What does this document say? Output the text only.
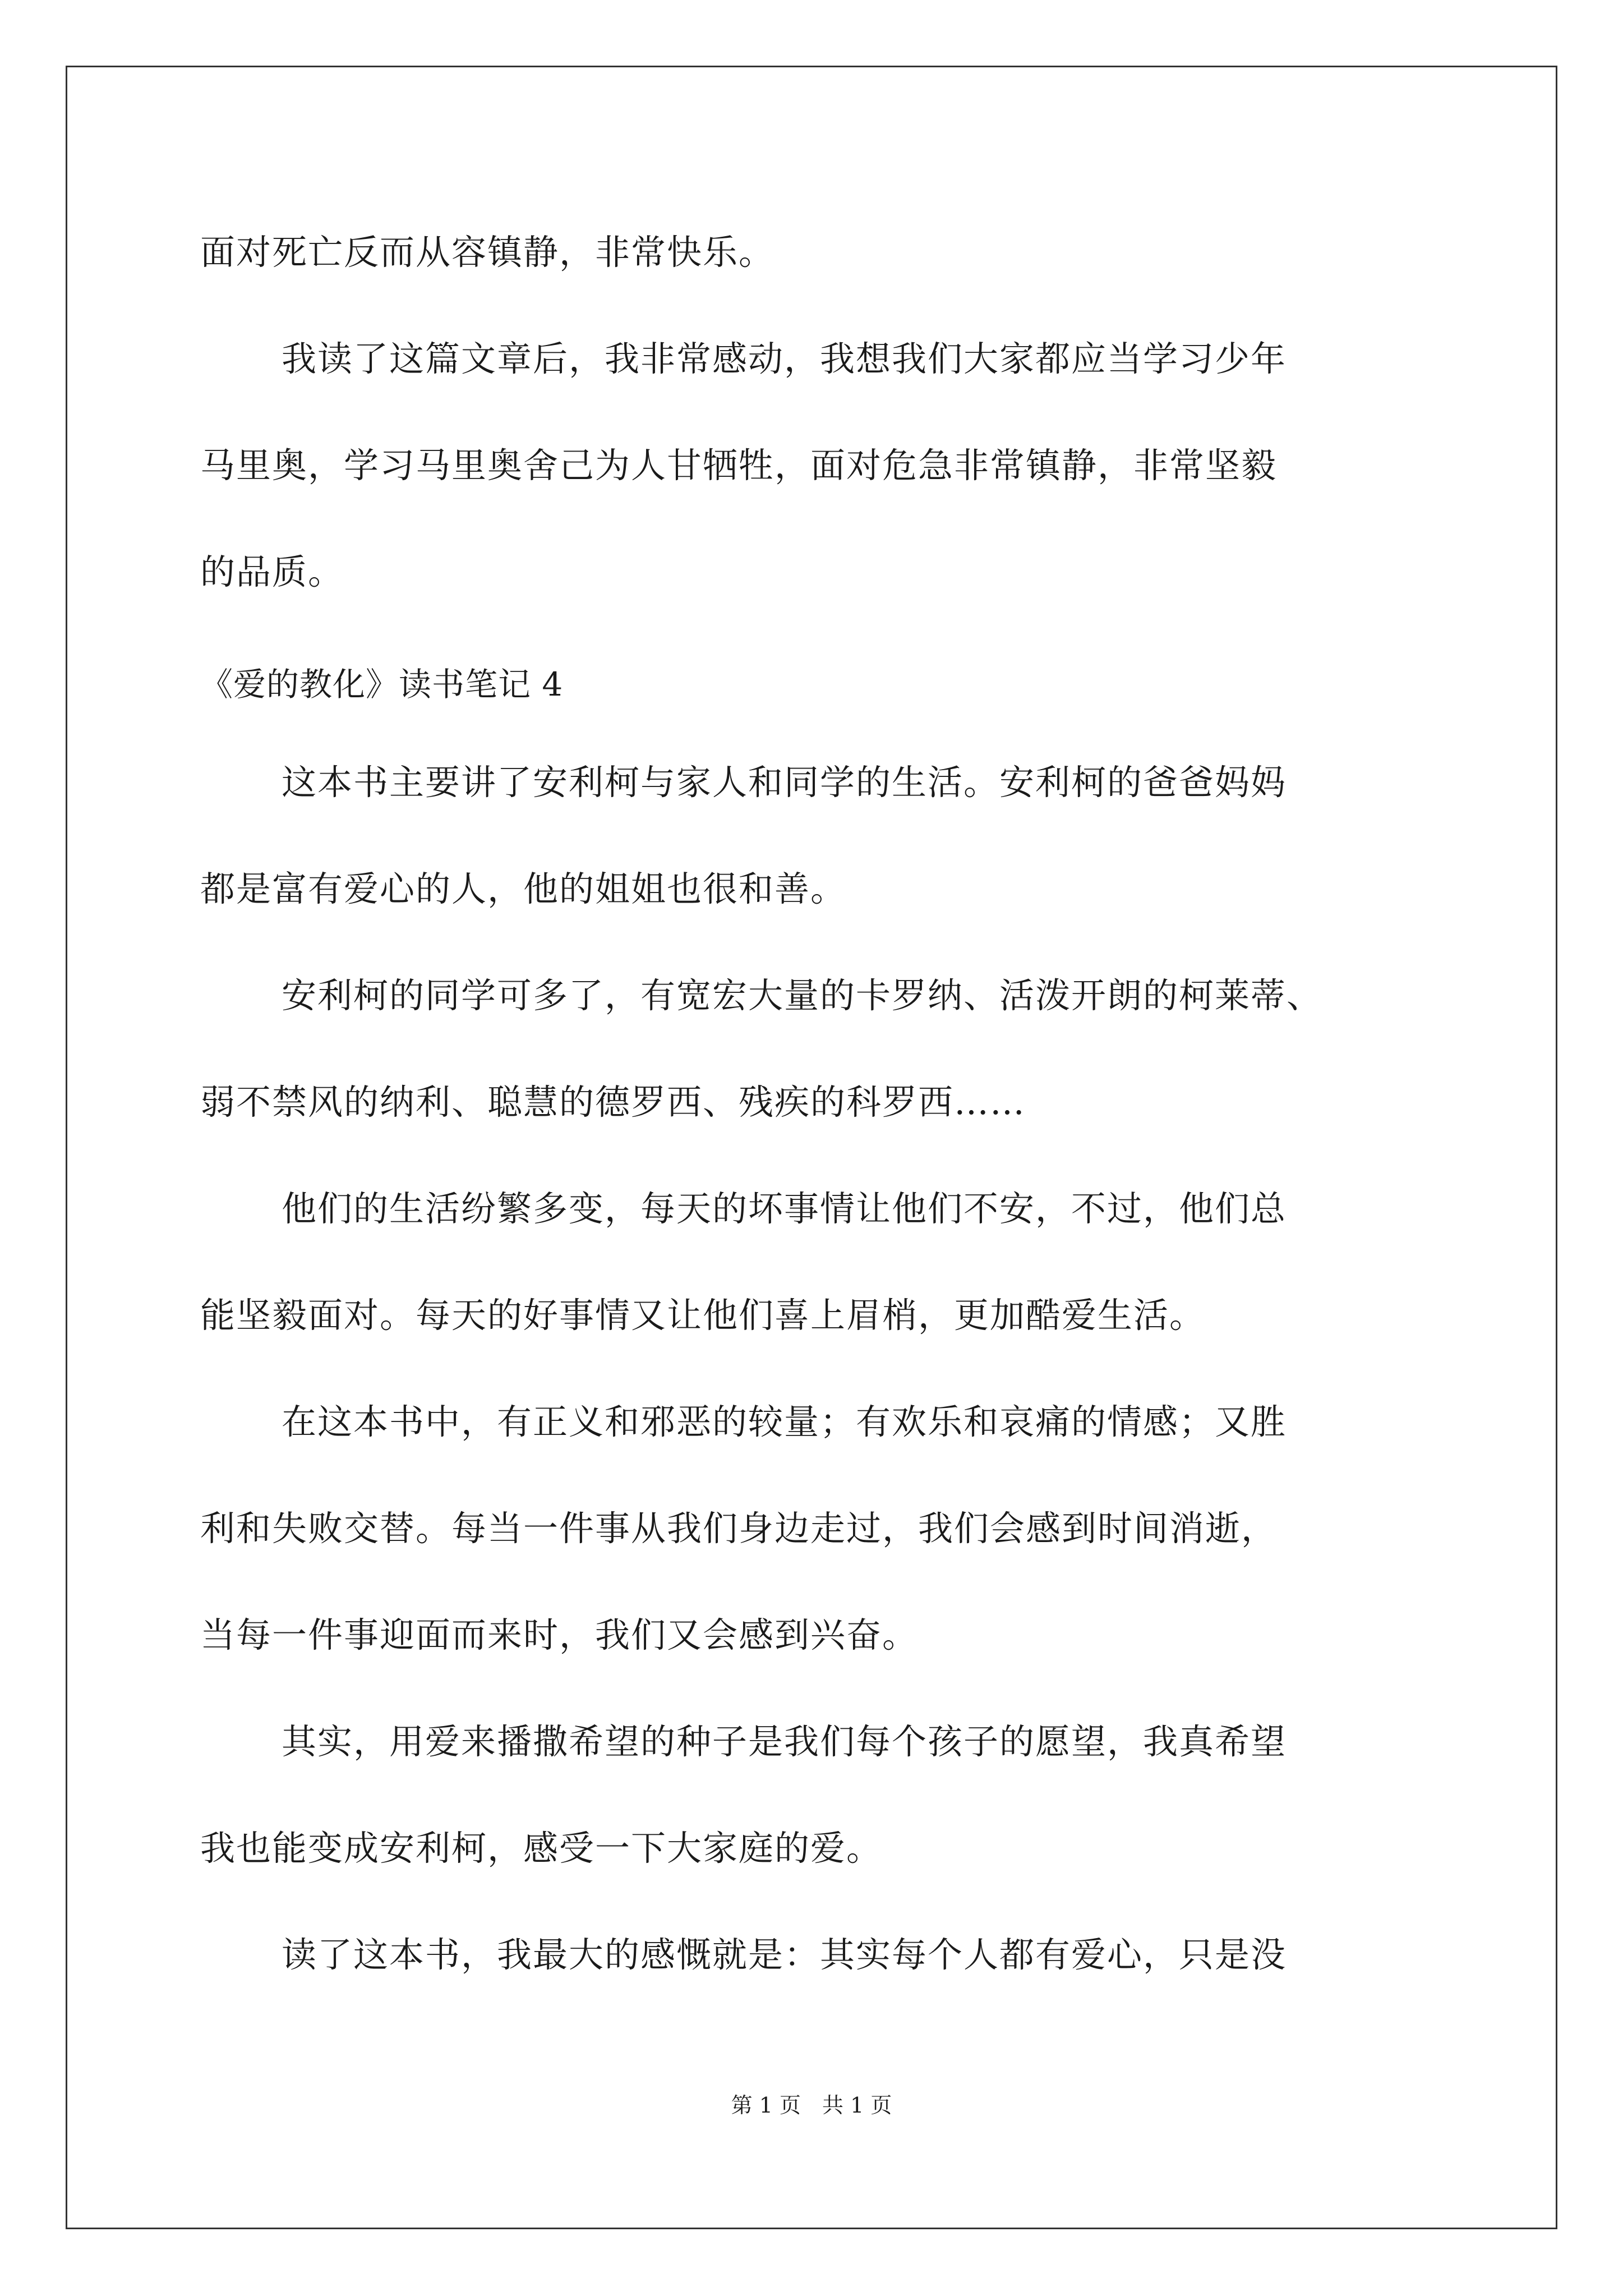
面对死亡反而从容镇静，非常快乐。
我读了这篇文章后，我非常感动，我想我们大家都应当学习少年
马里奥，学习马里奥舍己为人甘牺牲，面对危急非常镇静，非常坚毅
的品质。
《爱的教化》读书笔记 4
这本书主要讲了安利柯与家人和同学的生活。安利柯的爸爸妈妈
都是富有爱心的人，他的姐姐也很和善。
安利柯的同学可多了，有宽宏大量的卡罗纳、活泼开朗的柯莱蒂、
弱不禁风的纳利、聪慧的德罗西、残疾的科罗西……
他们的生活纷繁多变，每天的坏事情让他们不安，不过，他们总
能坚毅面对。每天的好事情又让他们喜上眉梢，更加酷爱生活。
在这本书中，有正义和邪恶的较量；有欢乐和哀痛的情感；又胜
利和失败交替。每当一件事从我们身边走过，我们会感到时间消逝，
当每一件事迎面而来时，我们又会感到兴奋。
其实，用爱来播撒希望的种子是我们每个孩子的愿望，我真希望
我也能变成安利柯，感受一下大家庭的爱。
读了这本书，我最大的感慨就是：其实每个人都有爱心，只是没
第 1 页　共 1 页
